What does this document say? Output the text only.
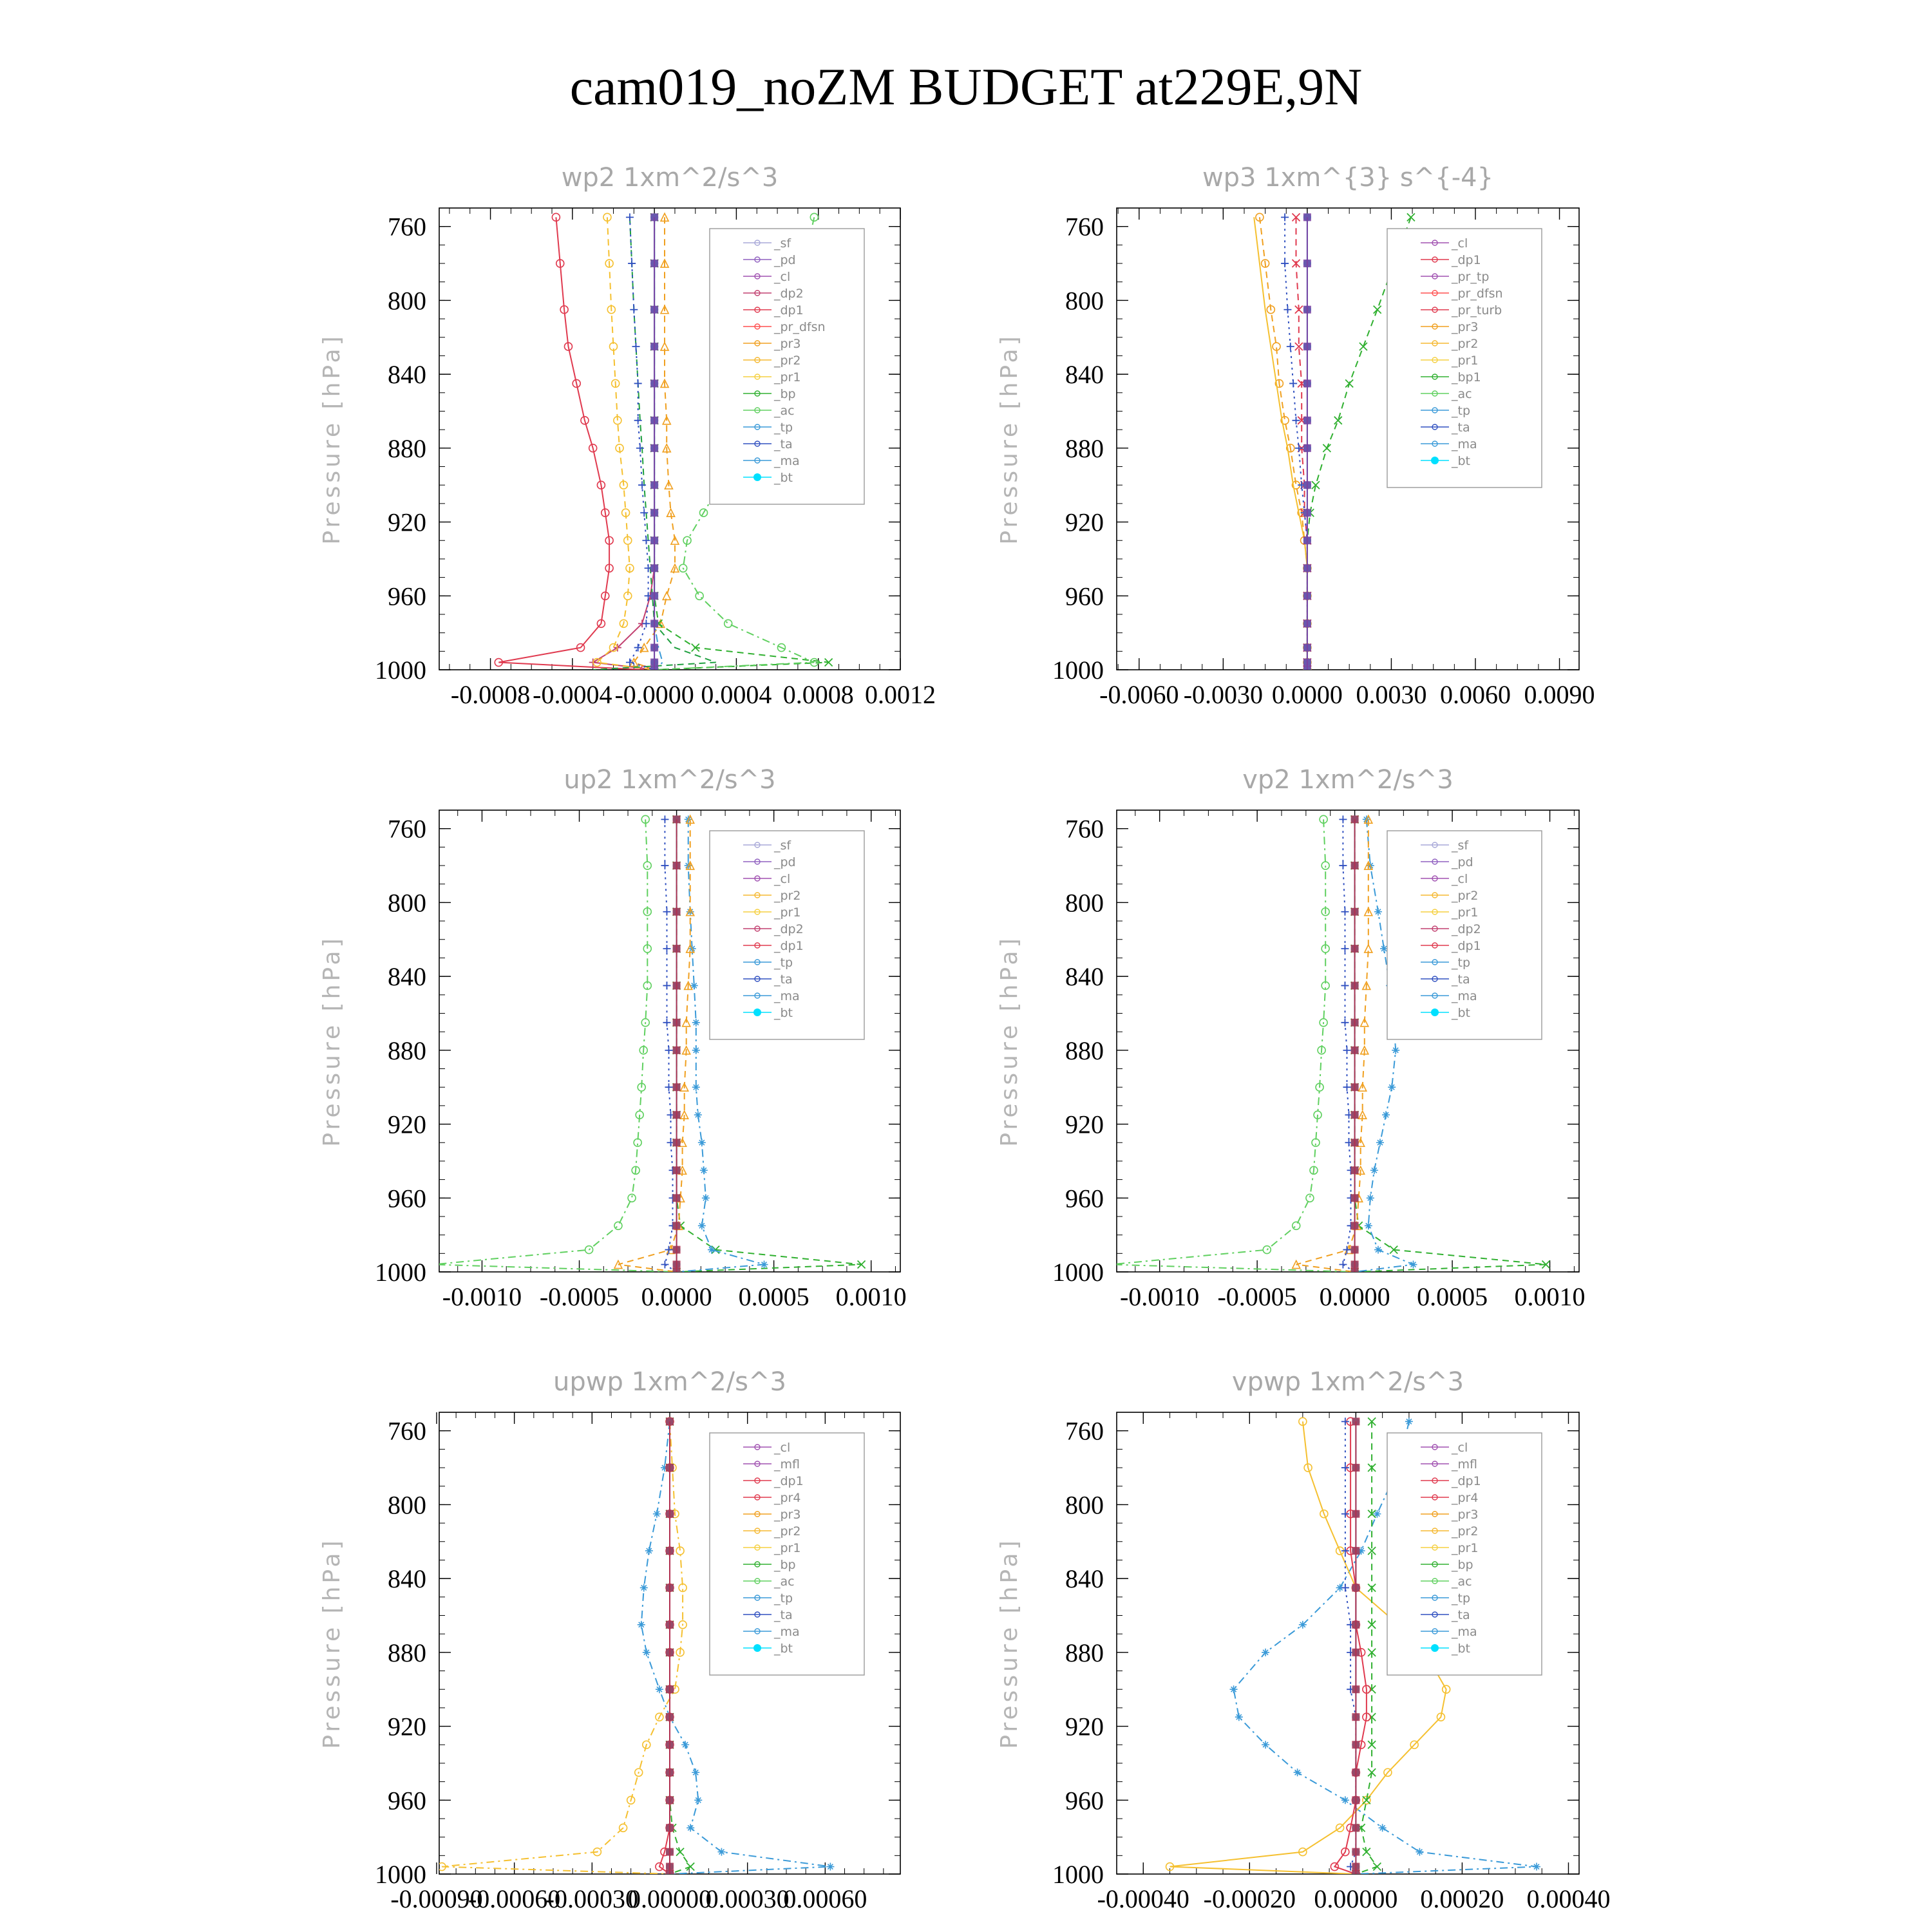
cam019_noZM BUDGET at229E,9N
wp2 1xm^2/s^3
Pressure [hPa]
760
800
840
880
920
960
1000
-0.0008 -0.0004 -0.0000 0.0004 0.0008 0.0012
_sf
_pd
_cl
_dp2
_dp1
_pr_dfsn
_pr3
_pr2
_pr1
_bp
_ac
_tp
_ta
_ma
_bt
wp3 1xm^{3} s^{-4}
Pressure [hPa]
760
800
840
880
920
960
1000
-0.0060 -0.0030 0.0000 0.0030 0.0060 0.0090
_cl
_dp1
_pr_tp
_pr_dfsn
_pr_turb
_pr3
_pr2
_pr1
_bp1
_ac
_tp
_ta
_ma
_bt
up2 1xm^2/s^3
Pressure [hPa]
760
800
840
880
920
960
1000
-0.0010 -0.0005 0.0000 0.0005 0.0010
_sf
_pd
_cl
_pr2
_pr1
_dp2
_dp1
_tp
_ta
_ma
_bt
vp2 1xm^2/s^3
Pressure [hPa]
760
800
840
880
920
960
1000
-0.0010 -0.0005 0.0000 0.0005 0.0010
_sf
_pd
_cl
_pr2
_pr1
_dp2
_dp1
_tp
_ta
_ma
_bt
upwp 1xm^2/s^3
Pressure [hPa]
760
800
840
880
920
960
1000
-0.00090
-0.00060
-0.00030
0.00000
0.00030
0.00060
_cl
_mfl
_dp1
_pr4
_pr3
_pr2
_pr1
_bp
_ac
_tp
_ta
_ma
_bt
vpwp 1xm^2/s^3
Pressure [hPa]
760
800
840
880
920
960
1000
-0.00040 -0.00020 0.00000 0.00020 0.00040
_cl
_mfl
_dp1
_pr4
_pr3
_pr2
_pr1
_bp
_ac
_tp
_ta
_ma
_bt
